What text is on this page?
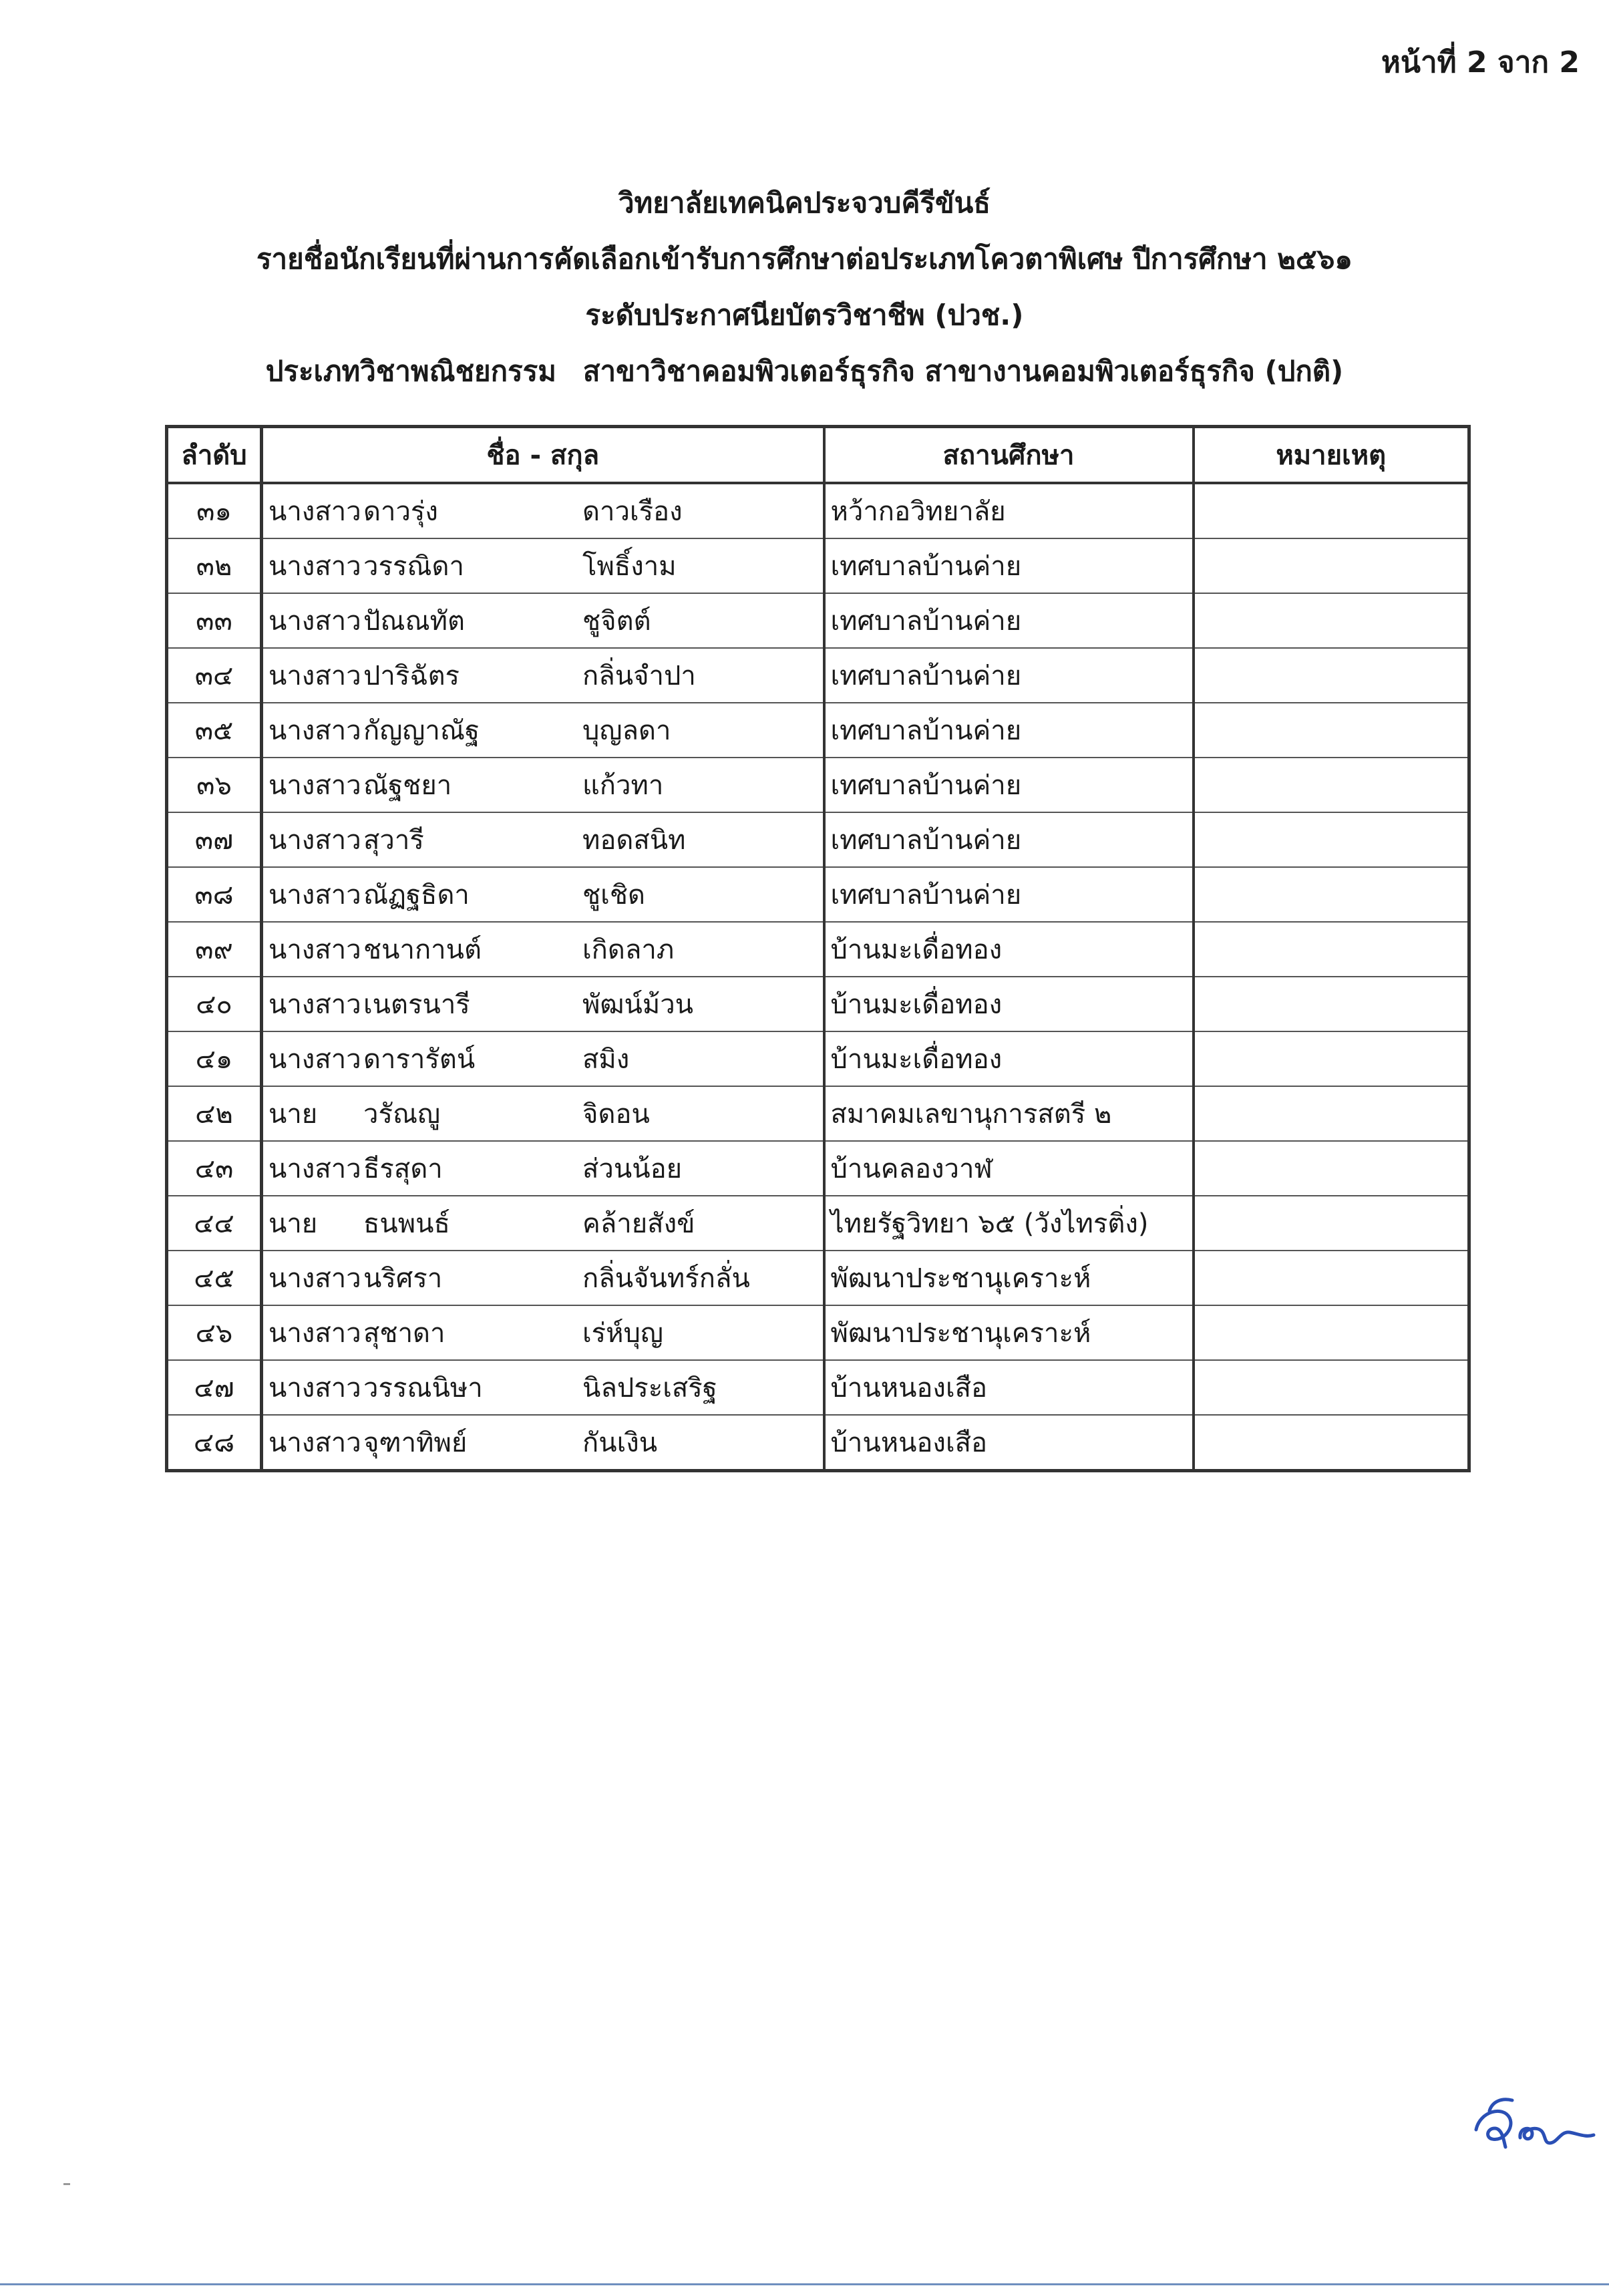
หน้าที่ 2 จาก 2
วิทยาลัยเทคนิคประจวบคีรีขันธ์
รายชื่อนักเรียนที่ผ่านการคัดเลือกเข้ารับการศึกษาต่อประเภทโควตาพิเศษ ปีการศึกษา ๒๕๖๑
ระดับประกาศนียบัตรวิชาชีพ (ปวช.)
ประเภทวิชาพณิชยกรรม สาขาวิชาคอมพิวเตอร์ธุรกิจ สาขางานคอมพิวเตอร์ธุรกิจ (ปกติ)
ลำดับ	ชื่อ - สกุล	สถานศึกษา	หมายเหตุ
๓๑	นางสาวดาวรุ่ง ดาวเรือง	หว้ากอวิทยาลัย	
๓๒	นางสาววรรณิดา โพธิ์งาม	เทศบาลบ้านค่าย	
๓๓	นางสาวปัณณทัต ชูจิตต์	เทศบาลบ้านค่าย	
๓๔	นางสาวปาริฉัตร กลิ่นจำปา	เทศบาลบ้านค่าย	
๓๕	นางสาวกัญญาณัฐ บุญลดา	เทศบาลบ้านค่าย	
๓๖	นางสาวณัฐชยา แก้วทา	เทศบาลบ้านค่าย	
๓๗	นางสาวสุวารี ทอดสนิท	เทศบาลบ้านค่าย	
๓๘	นางสาวณัฏฐธิดา ชูเชิด	เทศบาลบ้านค่าย	
๓๙	นางสาวชนากานต์ เกิดลาภ	บ้านมะเดื่อทอง	
๔๐	นางสาวเนตรนารี พัฒน์ม้วน	บ้านมะเดื่อทอง	
๔๑	นางสาวดารารัตน์ สมิง	บ้านมะเดื่อทอง	
๔๒	นาย วรัณญู จิดอน	สมาคมเลขานุการสตรี ๒	
๔๓	นางสาวธีรสุดา ส่วนน้อย	บ้านคลองวาฬ	
๔๔	นาย ธนพนธ์ คล้ายสังข์	ไทยรัฐวิทยา ๖๕ (วังไทรติ่ง)	
๔๕	นางสาวนริศรา กลิ่นจันทร์กลั่น	พัฒนาประชานุเคราะห์	
๔๖	นางสาวสุชาดา เร่ห์บุญ	พัฒนาประชานุเคราะห์	
๔๗	นางสาววรรณนิษา นิลประเสริฐ	บ้านหนองเสือ	
๔๘	นางสาวจุฑาทิพย์ กันเงิน	บ้านหนองเสือ	
